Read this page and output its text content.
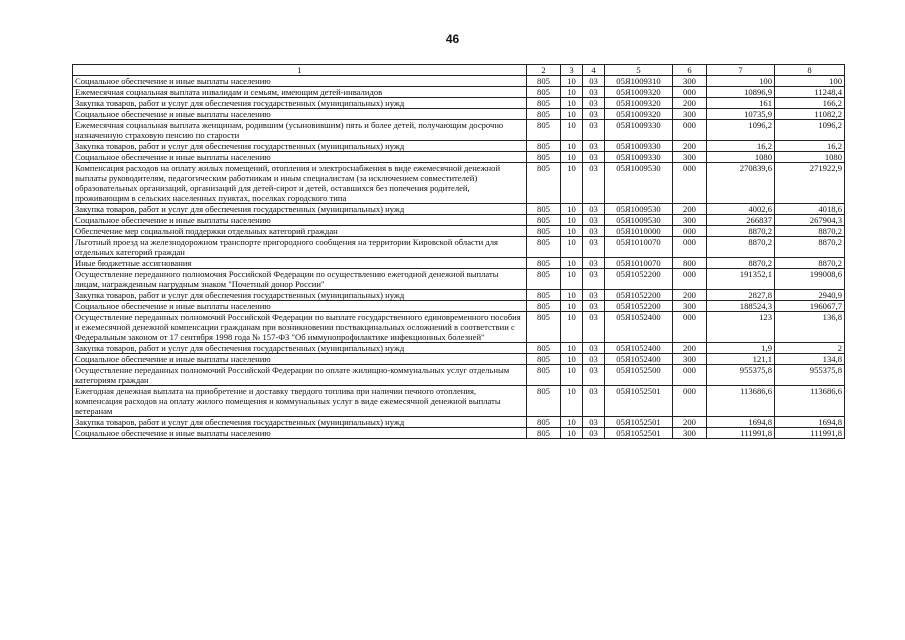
46
1	2	3	4	5	6	7	8
Социальное обеспечение и иные выплаты населению	805	10	03	05Я1009310	300	100	100
Ежемесячная социальная выплата инвалидам и семьям, имеющим детей-инвалидов	805	10	03	05Я1009320	000	10896,9	11248,4
Закупка товаров, работ и услуг для обеспечения государственных (муниципальных) нужд	805	10	03	05Я1009320	200	161	166,2
Социальное обеспечение и иные выплаты населению	805	10	03	05Я1009320	300	10735,9	11082,2
Ежемесячная социальная выплата женщинам, родившим (усыновившим) пять и более детей, получающим досрочно назначенную страховую пенсию по старости	805	10	03	05Я1009330	000	1096,2	1096,2
Закупка товаров, работ и услуг для обеспечения государственных (муниципальных) нужд	805	10	03	05Я1009330	200	16,2	16,2
Социальное обеспечение и иные выплаты населению	805	10	03	05Я1009330	300	1080	1080
Компенсация расходов на оплату жилых помещений, отопления и электроснабжения в виде ежемесячной денежной выплаты руководителям, педагогическим работникам и иным специалистам (за исключением совместителей) образовательных организаций, организаций для детей-сирот и детей, оставшихся без попечения родителей, проживающим в сельских населенных пунктах, поселках городского типа	805	10	03	05Я1009530	000	270839,6	271922,9
Закупка товаров, работ и услуг для обеспечения государственных (муниципальных) нужд	805	10	03	05Я1009530	200	4002,6	4018,6
Социальное обеспечение и иные выплаты населению	805	10	03	05Я1009530	300	266837	267904,3
Обеспечение мер социальной поддержки отдельных категорий граждан	805	10	03	05Я1010000	000	8870,2	8870,2
Льготный проезд на железнодорожном транспорте пригородного сообщения на территории Кировской области для отдельных категорий граждан	805	10	03	05Я1010070	000	8870,2	8870,2
Иные бюджетные ассигнования	805	10	03	05Я1010070	800	8870,2	8870,2
Осуществление переданного полномочия Российской Федерации по осуществлению ежегодной денежной выплаты лицам, награжденным нагрудным знаком "Почетный донор России"	805	10	03	05Я1052200	000	191352,1	199008,6
Закупка товаров, работ и услуг для обеспечения государственных (муниципальных) нужд	805	10	03	05Я1052200	200	2827,8	2940,9
Социальное обеспечение и иные выплаты населению	805	10	03	05Я1052200	300	188524,3	196067,7
Осуществление переданных полномочий Российской Федерации по выплате государственного единовременного пособия и ежемесячной денежной компенсации гражданам при возникновении поствакцинальных осложнений в соответствии с Федеральным законом от 17 сентября 1998 года № 157-ФЗ "Об иммунопрофилактике инфекционных болезней"	805	10	03	05Я1052400	000	123	136,8
Закупка товаров, работ и услуг для обеспечения государственных (муниципальных) нужд	805	10	03	05Я1052400	200	1,9	2
Социальное обеспечение и иные выплаты населению	805	10	03	05Я1052400	300	121,1	134,8
Осуществление переданных полномочий Российской Федерации по оплате жилищно-коммунальных услуг отдельным категориям граждан	805	10	03	05Я1052500	000	955375,8	955375,8
Ежегодная денежная выплата на приобретение и доставку твердого топлива при наличии печного отопления, компенсация расходов на оплату жилого помещения и коммунальных услуг в виде ежемесячной денежной выплаты ветеранам	805	10	03	05Я1052501	000	113686,6	113686,6
Закупка товаров, работ и услуг для обеспечения государственных (муниципальных) нужд	805	10	03	05Я1052501	200	1694,8	1694,8
Социальное обеспечение и иные выплаты населению	805	10	03	05Я1052501	300	111991,8	111991,8
